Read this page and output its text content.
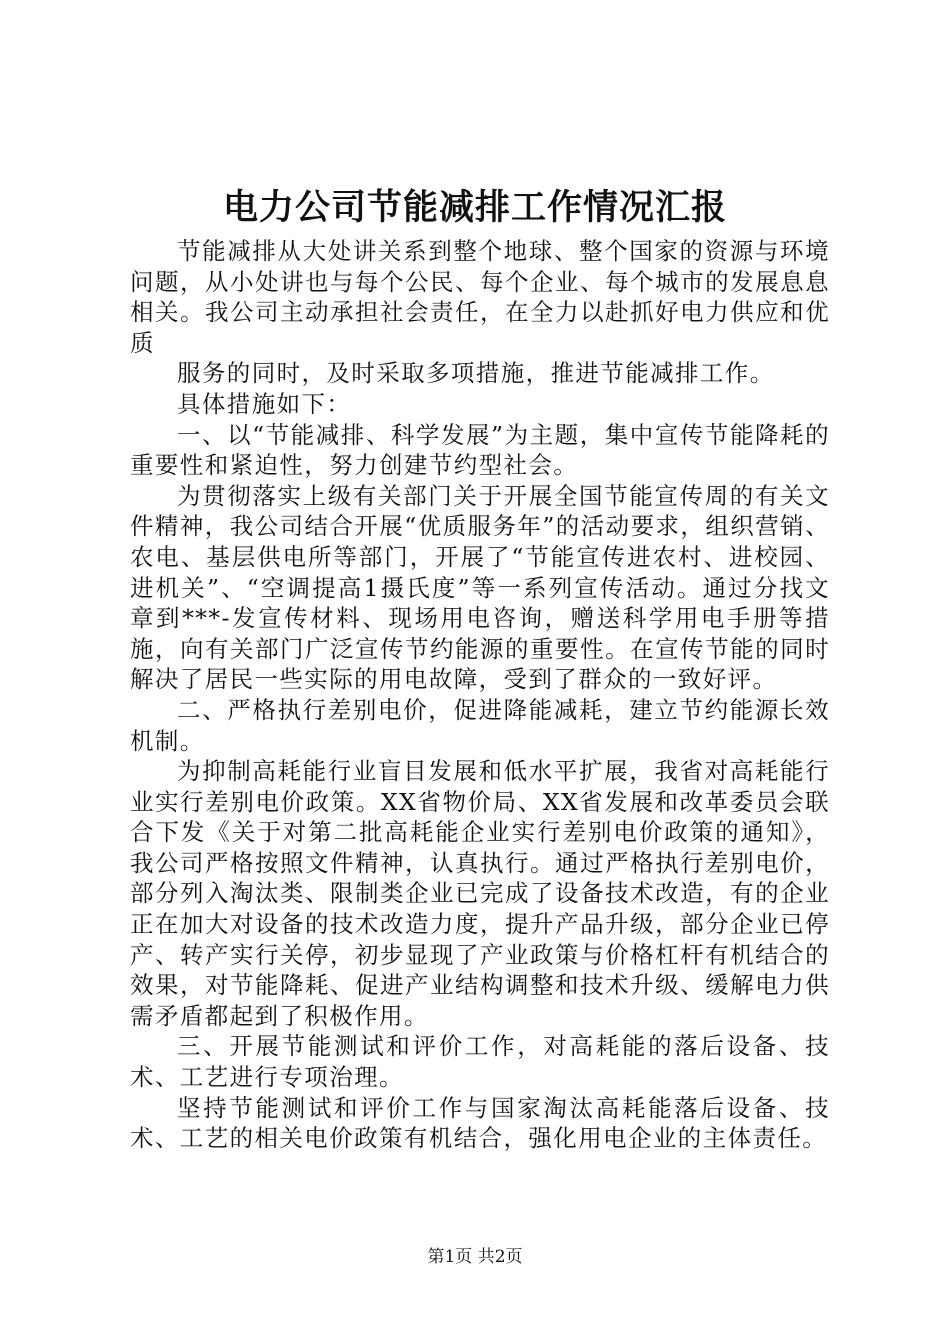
电力公司节能减排工作情况汇报

节能减排从大处讲关系到整个地球、整个国家的资源与环境问题，从小处讲也与每个公民、每个企业、每个城市的发展息息相关。我公司主动承担社会责任，在全力以赴抓好电力供应和优质

服务的同时，及时采取多项措施，推进节能减排工作。

具体措施如下：

一、以“节能减排、科学发展”为主题，集中宣传节能降耗的重要性和紧迫性，努力创建节约型社会。

为贯彻落实上级有关部门关于开展全国节能宣传周的有关文件精神，我公司结合开展“优质服务年”的活动要求，组织营销、农电、基层供电所等部门，开展了“节能宣传进农村、进校园、进机关”、“空调提高1摄氏度”等一系列宣传活动。通过分找文章到***-发宣传材料、现场用电咨询，赠送科学用电手册等措施，向有关部门广泛宣传节约能源的重要性。在宣传节能的同时解决了居民一些实际的用电故障，受到了群众的一致好评。

二、严格执行差别电价，促进降能减耗，建立节约能源长效机制。

为抑制高耗能行业盲目发展和低水平扩展，我省对高耗能行业实行差别电价政策。XX省物价局、XX省发展和改革委员会联合下发《关于对第二批高耗能企业实行差别电价政策的通知》，我公司严格按照文件精神，认真执行。通过严格执行差别电价，部分列入淘汰类、限制类企业已完成了设备技术改造，有的企业正在加大对设备的技术改造力度，提升产品升级，部分企业已停产、转产实行关停，初步显现了产业政策与价格杠杆有机结合的效果，对节能降耗、促进产业结构调整和技术升级、缓解电力供需矛盾都起到了积极作用。

三、开展节能测试和评价工作，对高耗能的落后设备、技术、工艺进行专项治理。

坚持节能测试和评价工作与国家淘汰高耗能落后设备、技术、工艺的相关电价政策有机结合，强化用电企业的主体责任。

第1页 共2页
